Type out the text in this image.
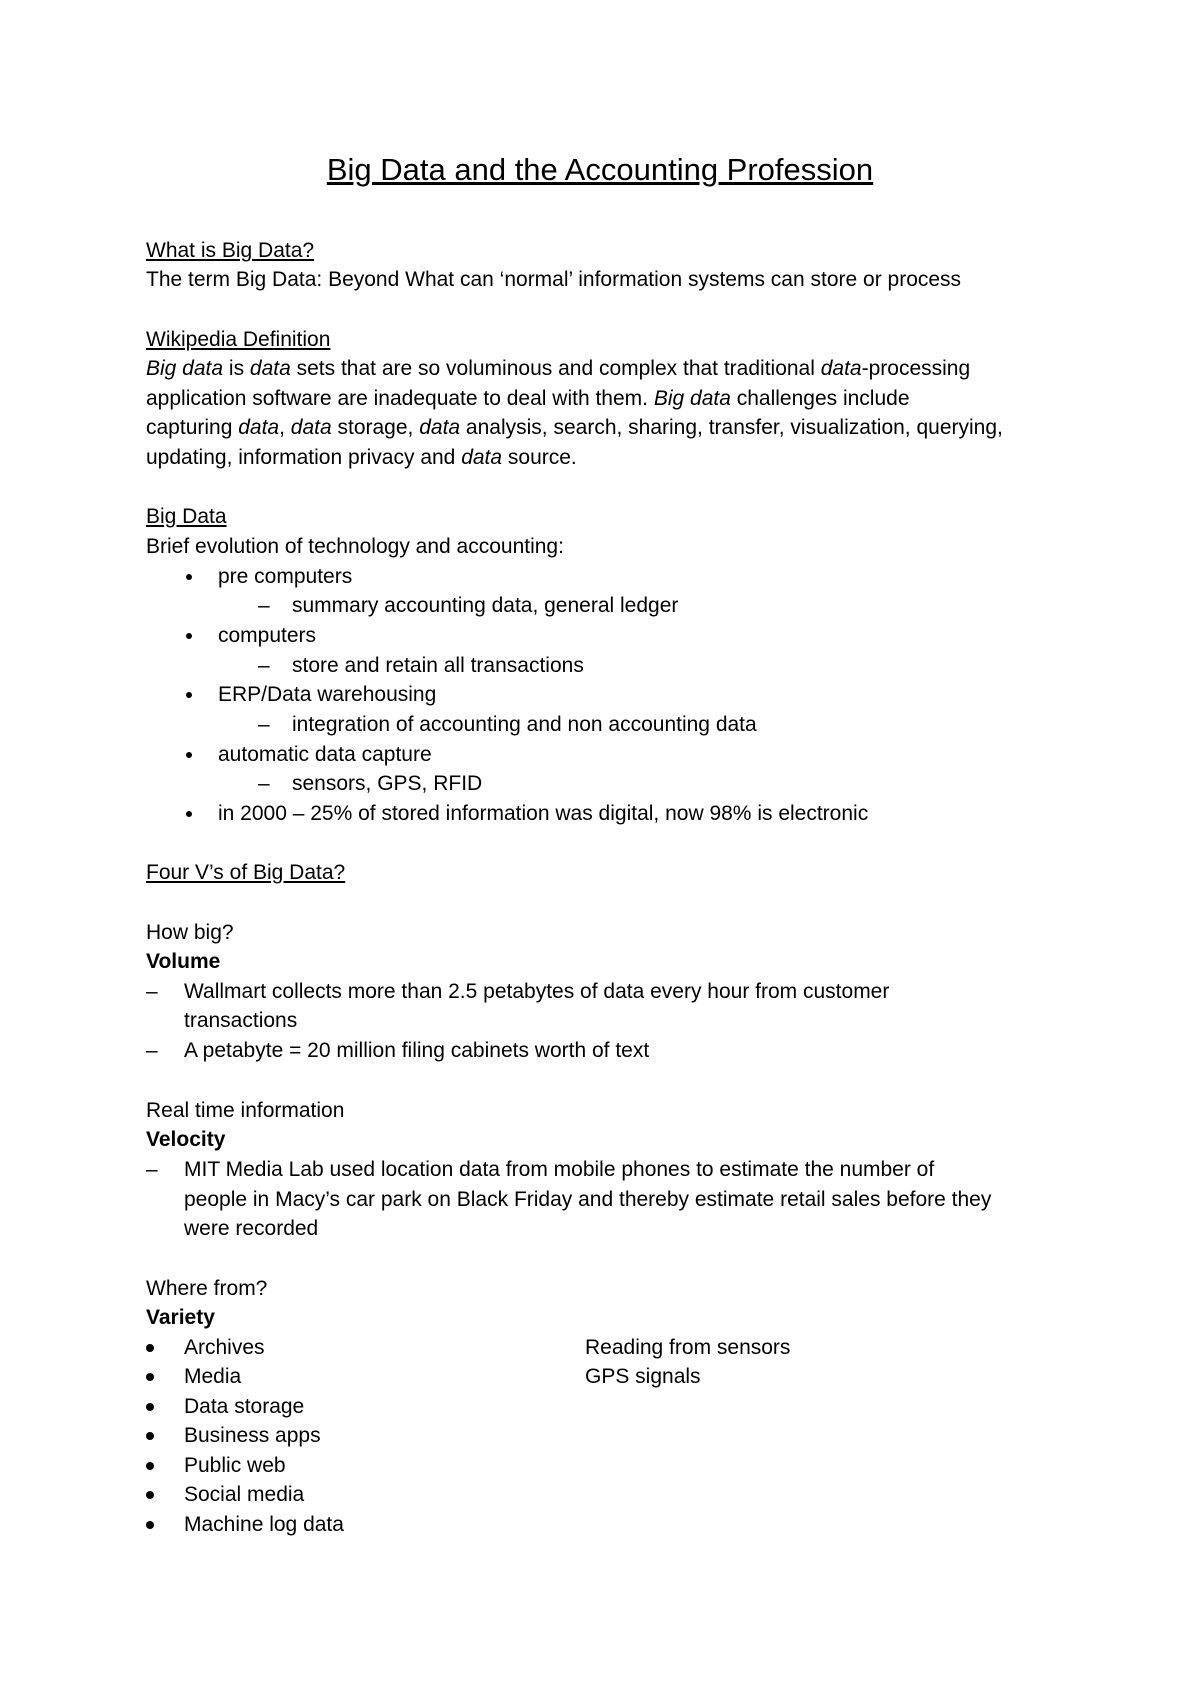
Big Data and the Accounting Profession
What is Big Data?
The term Big Data: Beyond What can ‘normal’ information systems can store or process
Wikipedia Definition
Big data is data sets that are so voluminous and complex that traditional data-processing
application software are inadequate to deal with them. Big data challenges include
capturing data, data storage, data analysis, search, sharing, transfer, visualization, querying,
updating, information privacy and data source.
Big Data
Brief evolution of technology and accounting:
pre computers
– summary accounting data, general ledger
computers
– store and retain all transactions
ERP/Data warehousing
– integration of accounting and non accounting data
automatic data capture
– sensors, GPS, RFID
in 2000 – 25% of stored information was digital, now 98% is electronic
Four V’s of Big Data?
How big?
Volume
– Wallmart collects more than 2.5 petabytes of data every hour from customer
transactions
– A petabyte = 20 million filing cabinets worth of text
Real time information
Velocity
– MIT Media Lab used location data from mobile phones to estimate the number of
people in Macy’s car park on Black Friday and thereby estimate retail sales before they
were recorded
Where from?
Variety
Archives
Media
Data storage
Business apps
Public web
Social media
Machine log data
Reading from sensors
GPS signals
